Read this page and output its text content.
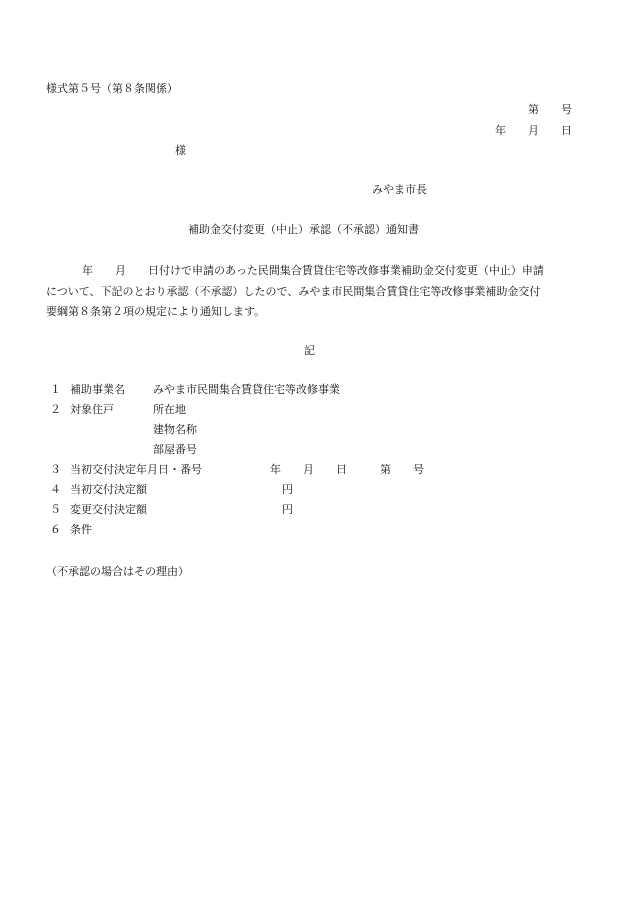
様式第５号（第８条関係）
第　　号
年　　月　　日
様
みやま市長
補助金交付変更（中止）承認（不承認）通知書

年　　月　　日付けで申請のあった民間集合賃貸住宅等改修事業補助金交付変更（中止）申請

について、下記のとおり承認（不承認）したので、みやま市民間集合賃貸住宅等改修事業補助金交付

要綱第８条第２項の規定により通知します。

記
１ 補助事業名	みやま市民間集合賃貸住宅等改修事業
２ 対象住戸	所在地
建物名称
部屋番号
３ 当初交付決定年月日・番号	年　　月　　日　　　第　　号
４ 当初交付決定額	円
５ 変更交付決定額	円
６ 条件
（不承認の場合はその理由）
